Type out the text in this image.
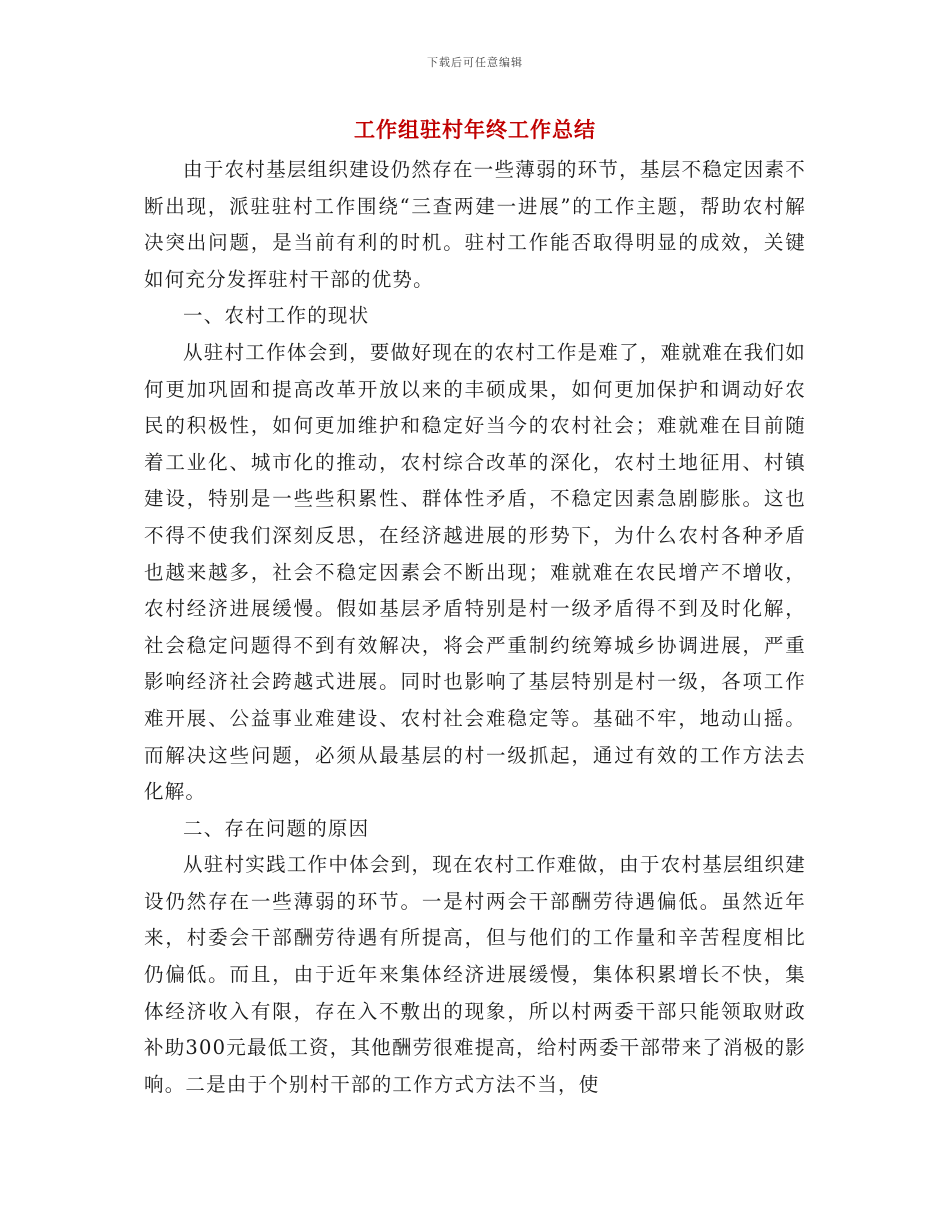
下载后可任意编辑
工作组驻村年终工作总结

由于农村基层组织建设仍然存在一些薄弱的环节，基层不稳定因素不断出现，派驻驻村工作围绕“三查两建一进展”的工作主题，帮助农村解决突出问题，是当前有利的时机。驻村工作能否取得明显的成效，关键如何充分发挥驻村干部的优势。

一、农村工作的现状

从驻村工作体会到，要做好现在的农村工作是难了，难就难在我们如何更加巩固和提高改革开放以来的丰硕成果，如何更加保护和调动好农民的积极性，如何更加维护和稳定好当今的农村社会；难就难在目前随着工业化、城市化的推动，农村综合改革的深化，农村土地征用、村镇建设，特别是一些些积累性、群体性矛盾，不稳定因素急剧膨胀。这也不得不使我们深刻反思，在经济越进展的形势下，为什么农村各种矛盾也越来越多，社会不稳定因素会不断出现；难就难在农民增产不增收，农村经济进展缓慢。假如基层矛盾特别是村一级矛盾得不到及时化解，社会稳定问题得不到有效解决，将会严重制约统筹城乡协调进展，严重影响经济社会跨越式进展。同时也影响了基层特别是村一级，各项工作难开展、公益事业难建设、农村社会难稳定等。基础不牢，地动山摇。而解决这些问题，必须从最基层的村一级抓起，通过有效的工作方法去化解。

二、存在问题的原因

从驻村实践工作中体会到，现在农村工作难做，由于农村基层组织建设仍然存在一些薄弱的环节。一是村两会干部酬劳待遇偏低。虽然近年来，村委会干部酬劳待遇有所提高，但与他们的工作量和辛苦程度相比仍偏低。而且，由于近年来集体经济进展缓慢，集体积累增长不快，集体经济收入有限，存在入不敷出的现象，所以村两委干部只能领取财政补助300元最低工资，其他酬劳很难提高，给村两委干部带来了消极的影响。二是由于个别村干部的工作方式方法不当，使
